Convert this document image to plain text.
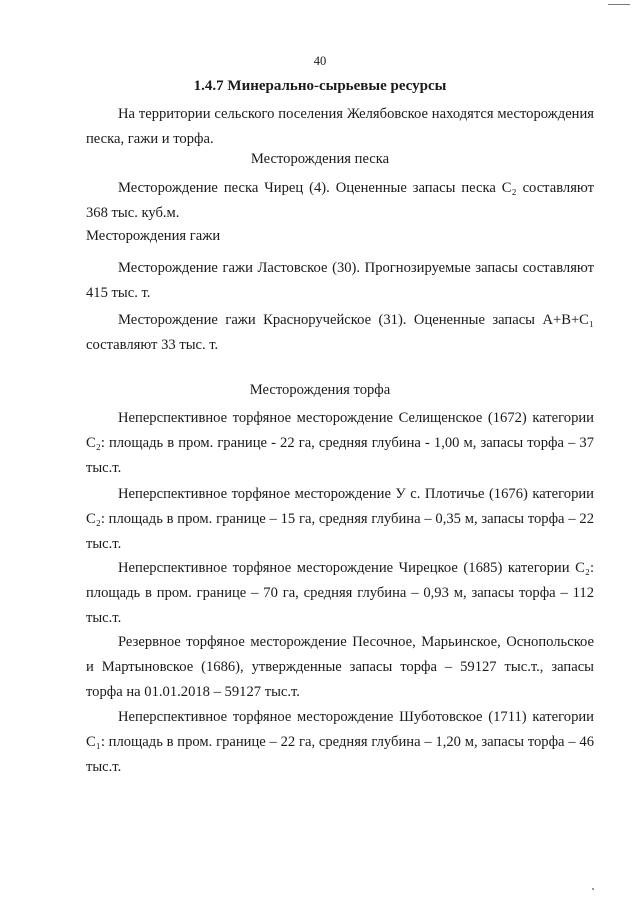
40
1.4.7 Минерально-сырьевые ресурсы

На территории сельского поселения Желябовское находятся месторождения песка, гажи и торфа.

Месторождения песка

Месторождение песка Чирец (4). Оцененные запасы песка С₂ составляют 368 тыс. куб.м.

Месторождения гажи

Месторождение гажи Ластовское (30). Прогнозируемые запасы составляют 415 тыс. т.

Месторождение гажи Краснoручейское (31). Оцененные запасы А+В+С₁ составляют 33 тыс. т.

Месторождения торфа

Неперспективное торфяное месторождение Селищенское (1672) категории С₂: площадь в пром. границе - 22 га, средняя глубина - 1,00 м, запасы торфа – 37 тыс.т.

Неперспективное торфяное месторождение У с. Плотичье (1676) категории С₂: площадь в пром. границе – 15 га, средняя глубина – 0,35 м, запасы торфа – 22 тыс.т.

Неперспективное торфяное месторождение Чирецкое (1685) категории С₂: площадь в пром. границе – 70 га, средняя глубина – 0,93 м, запасы торфа – 112 тыс.т.

Резервное торфяное месторождение Песочное, Марьинское, Оснопольское и Мартыновское (1686), утвержденные запасы торфа – 59127 тыс.т., запасы торфа на 01.01.2018 – 59127 тыс.т.

Неперспективное торфяное месторождение Шуботовское (1711) категории С₁: площадь в пром. границе – 22 га, средняя глубина – 1,20 м, запасы торфа – 46 тыс.т.
